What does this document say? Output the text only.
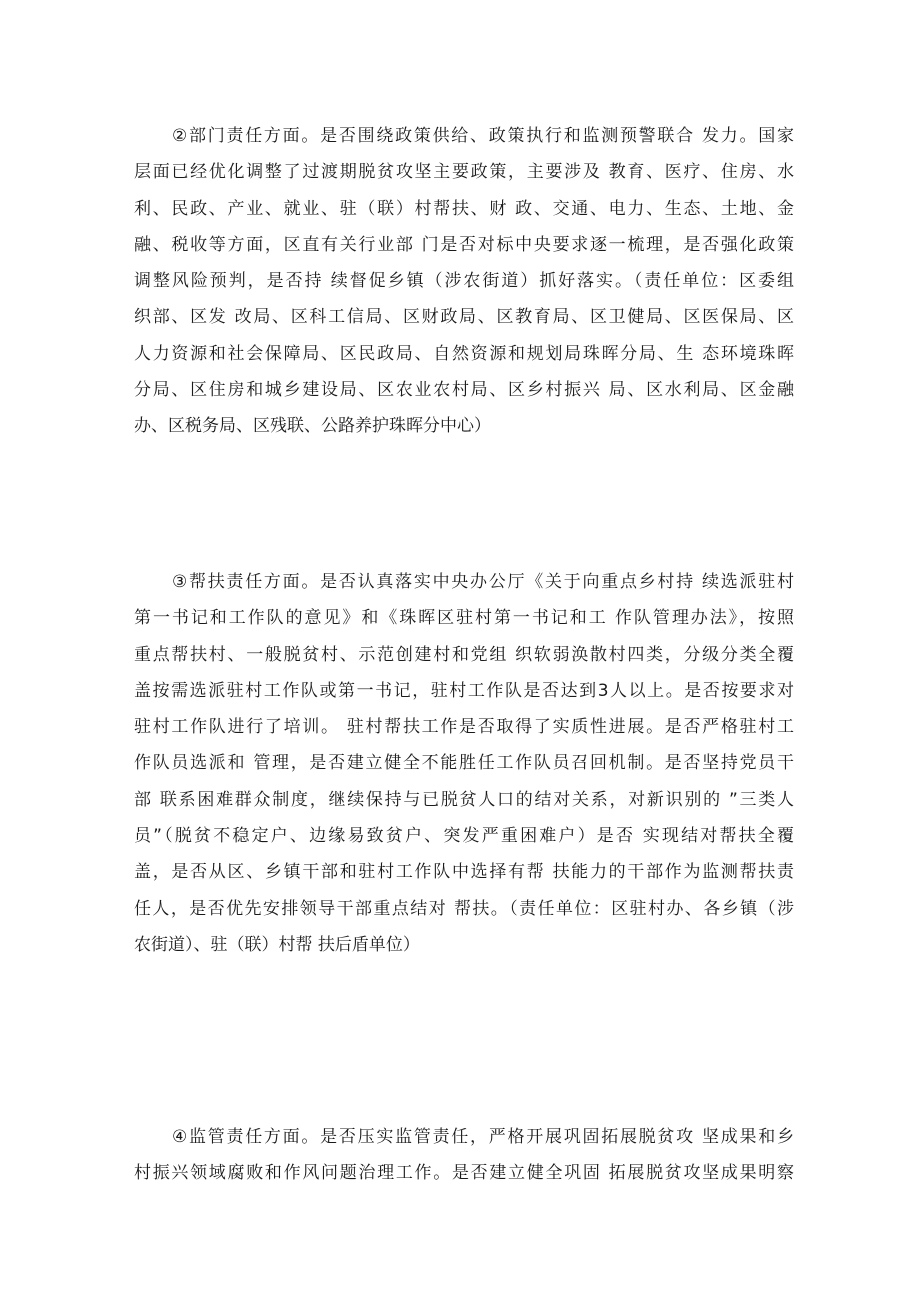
②部门责任方面。是否围绕政策供给、政策执行和监测预警联合 发力。国家
层面已经优化调整了过渡期脱贫攻坚主要政策，主要涉及 教育、医疗、住房、水
利、民政、产业、就业、驻（联）村帮扶、财 政、交通、电力、生态、土地、金
融、税收等方面，区直有关行业部 门是否对标中央要求逐一梳理，是否强化政策
调整风险预判，是否持 续督促乡镇（涉农街道）抓好落实。（责任单位：区委组
织部、区发 改局、区科工信局、区财政局、区教育局、区卫健局、区医保局、区
人力资源和社会保障局、区民政局、自然资源和规划局珠晖分局、生 态环境珠晖
分局、区住房和城乡建设局、区农业农村局、区乡村振兴 局、区水利局、区金融
办、区税务局、区残联、公路养护珠晖分中心）
③帮扶责任方面。是否认真落实中央办公厅《关于向重点乡村持 续选派驻村
第一书记和工作队的意见》和《珠晖区驻村第一书记和工 作队管理办法》，按照
重点帮扶村、一般脱贫村、示范创建村和党组 织软弱涣散村四类，分级分类全覆
盖按需选派驻村工作队或第一书记，驻村工作队是否达到3人以上。是否按要求对
驻村工作队进行了培训。 驻村帮扶工作是否取得了实质性进展。是否严格驻村工
作队员选派和 管理，是否建立健全不能胜任工作队员召回机制。是否坚持党员干
部 联系困难群众制度，继续保持与已脱贫人口的结对关系，对新识别的 ”三类人
员”（脱贫不稳定户、边缘易致贫户、突发严重困难户）是否 实现结对帮扶全覆
盖，是否从区、乡镇干部和驻村工作队中选择有帮 扶能力的干部作为监测帮扶责
任人，是否优先安排领导干部重点结对 帮扶。（责任单位：区驻村办、各乡镇（涉
农街道）、驻（联）村帮 扶后盾单位）
④监管责任方面。是否压实监管责任，严格开展巩固拓展脱贫攻 坚成果和乡
村振兴领域腐败和作风问题治理工作。是否建立健全巩固 拓展脱贫攻坚成果明察
